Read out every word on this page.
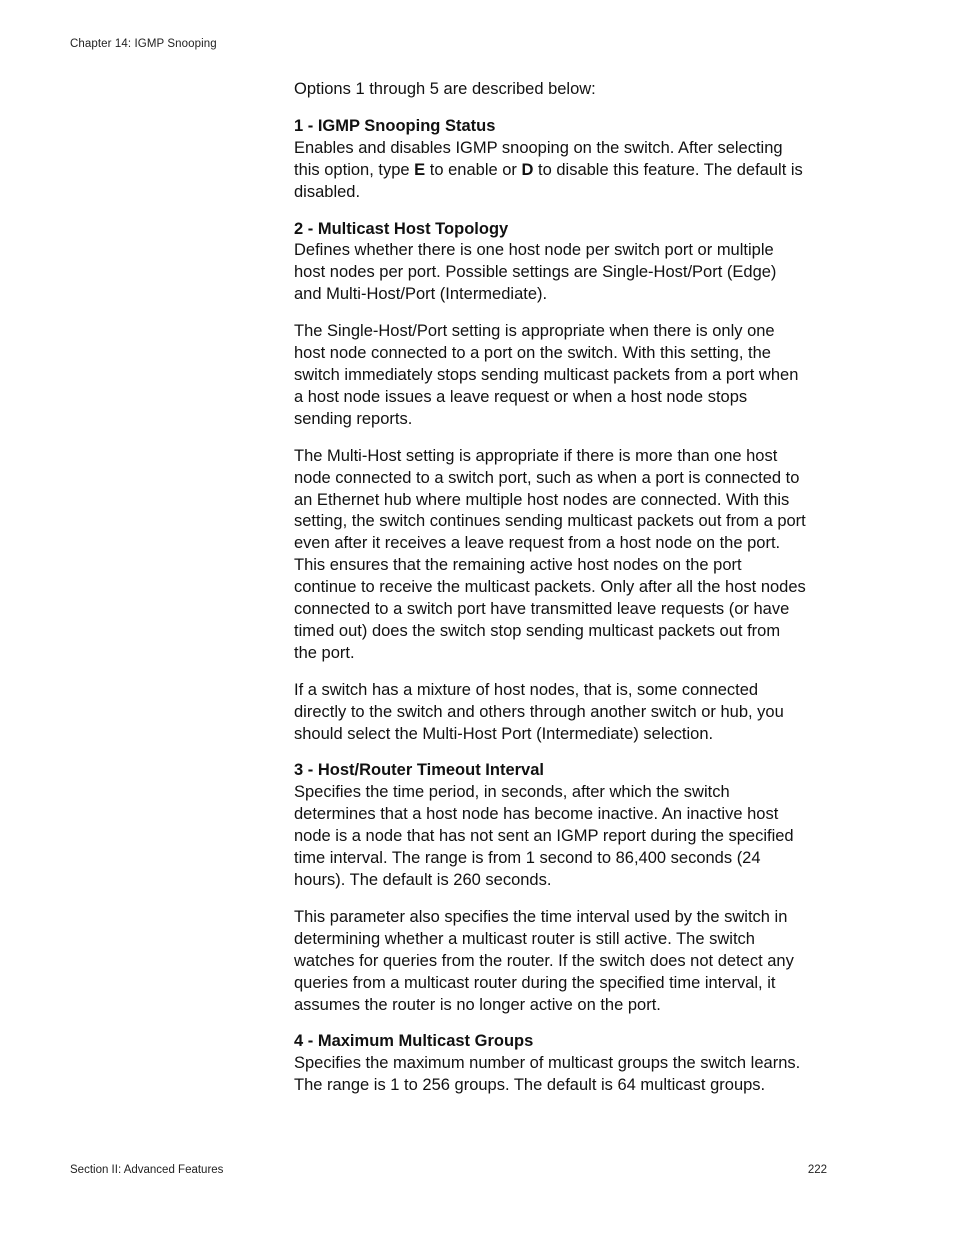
Chapter 14: IGMP Snooping

Options 1 through 5 are described below:

1 - IGMP Snooping Status
Enables and disables IGMP snooping on the switch. After selecting this option, type E to enable or D to disable this feature. The default is disabled.

2 - Multicast Host Topology
Defines whether there is one host node per switch port or multiple host nodes per port. Possible settings are Single-Host/Port (Edge) and Multi-Host/Port (Intermediate).

The Single-Host/Port setting is appropriate when there is only one host node connected to a port on the switch. With this setting, the switch immediately stops sending multicast packets from a port when a host node issues a leave request or when a host node stops sending reports.

The Multi-Host setting is appropriate if there is more than one host node connected to a switch port, such as when a port is connected to an Ethernet hub where multiple host nodes are connected. With this setting, the switch continues sending multicast packets out from a port even after it receives a leave request from a host node on the port. This ensures that the remaining active host nodes on the port continue to receive the multicast packets. Only after all the host nodes connected to a switch port have transmitted leave requests (or have timed out) does the switch stop sending multicast packets out from the port.

If a switch has a mixture of host nodes, that is, some connected directly to the switch and others through another switch or hub, you should select the Multi-Host Port (Intermediate) selection.

3 - Host/Router Timeout Interval
Specifies the time period, in seconds, after which the switch determines that a host node has become inactive. An inactive host node is a node that has not sent an IGMP report during the specified time interval. The range is from 1 second to 86,400 seconds (24 hours). The default is 260 seconds.

This parameter also specifies the time interval used by the switch in determining whether a multicast router is still active. The switch watches for queries from the router. If the switch does not detect any queries from a multicast router during the specified time interval, it assumes the router is no longer active on the port.

4 - Maximum Multicast Groups
Specifies the maximum number of multicast groups the switch learns. The range is 1 to 256 groups. The default is 64 multicast groups.

Section II: Advanced Features	222
